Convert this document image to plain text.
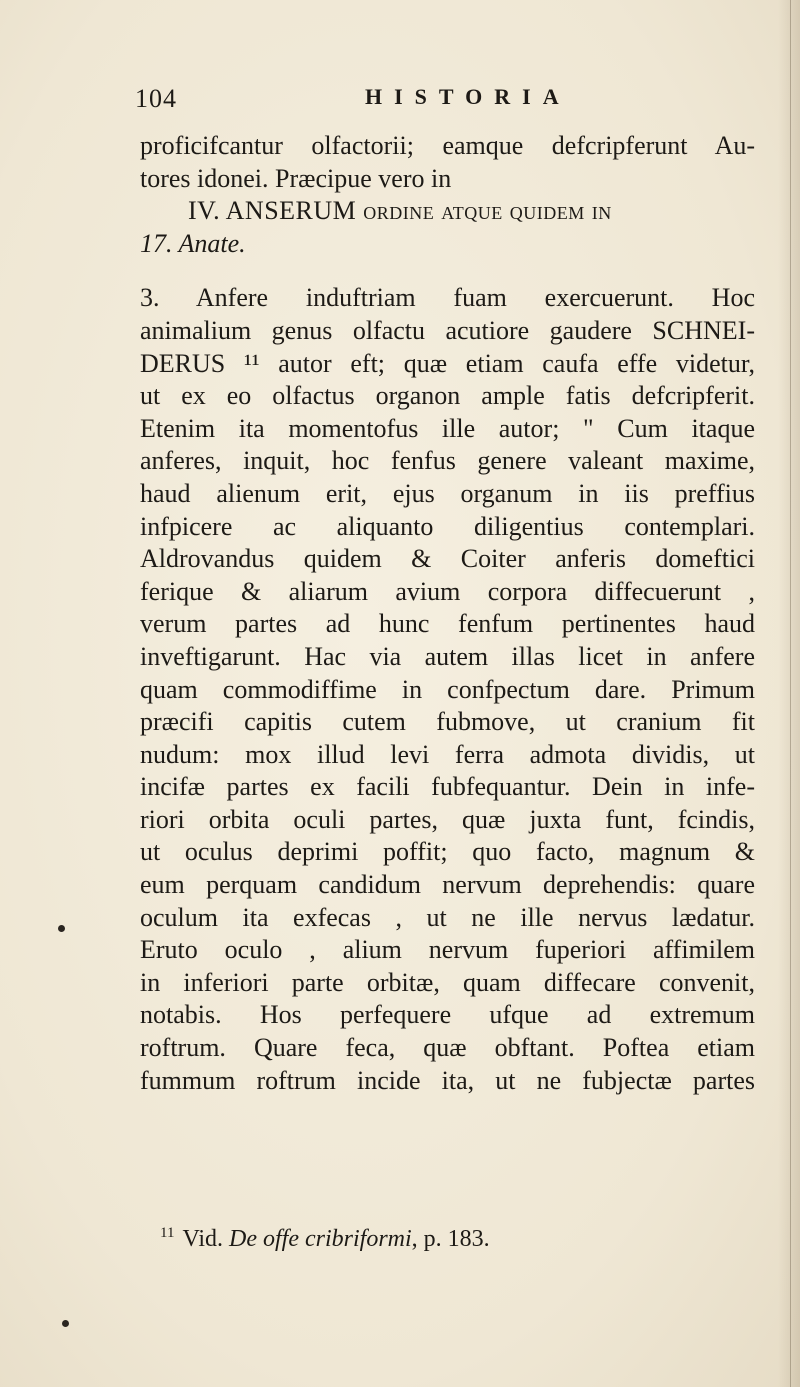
104	HISTORIA
proficifcantur olfactorii; eamque defcripferunt Au-
tores idonei. Præcipue vero in
IV. ANSERUM ordine atque quidem in
17. Anate.
3. Anfere induftriam fuam exercuerunt. Hoc
animalium genus olfactu acutiore gaudere SCHNEI-
DERUS ¹¹ autor eft; quæ etiam caufa effe videtur,
ut ex eo olfactus organon ample fatis defcripferit.
Etenim ita momentofus ille autor; " Cum itaque
anferes, inquit, hoc fenfus genere valeant maxime,
haud alienum erit, ejus organum in iis preffius
infpicere ac aliquanto diligentius contemplari.
Aldrovandus quidem & Coiter anferis domeftici
ferique & aliarum avium corpora diffecuerunt ,
verum partes ad hunc fenfum pertinentes haud
inveftigarunt. Hac via autem illas licet in anfere
quam commodiffime in confpectum dare. Primum
præcifi capitis cutem fubmove, ut cranium fit
nudum: mox illud levi ferra admota dividis, ut
incifæ partes ex facili fubfequantur. Dein in infe-
riori orbita oculi partes, quæ juxta funt, fcindis,
ut oculus deprimi poffit; quo facto, magnum &
eum perquam candidum nervum deprehendis: quare
oculum ita exfecas , ut ne ille nervus lædatur.
Eruto oculo , alium nervum fuperiori affimilem
in inferiori parte orbitæ, quam diffecare convenit,
notabis. Hos perfequere ufque ad extremum
roftrum. Quare feca, quæ obftant. Poftea etiam
fummum roftrum incide ita, ut ne fubjectæ partes
$^{11}$ Vid. De offe cribriformi, p. 183.
